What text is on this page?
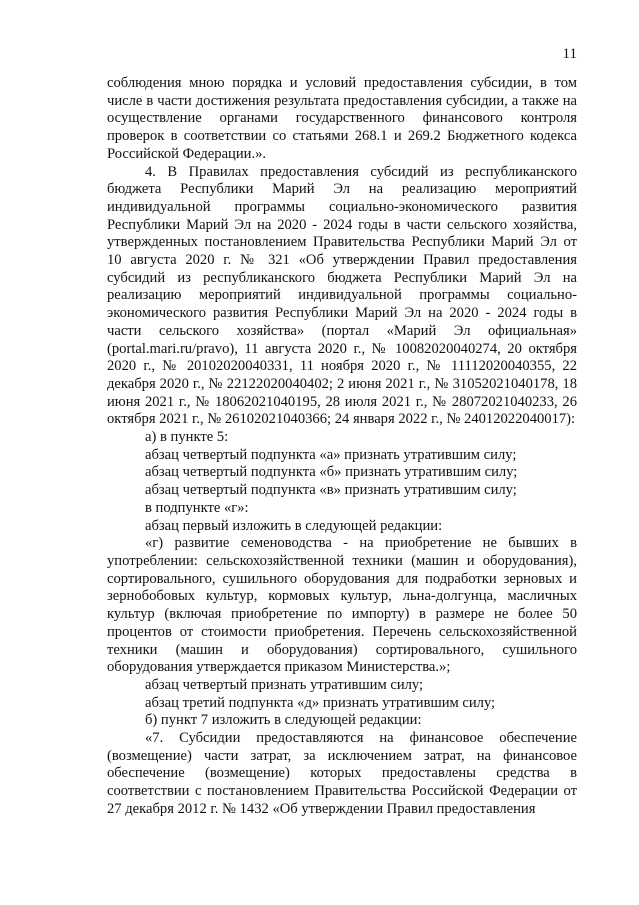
11

соблюдения мною порядка и условий предоставления субсидии, в том числе в части достижения результата предоставления субсидии, а также на осуществление органами государственного финансового контроля проверок в соответствии со статьями 268.1 и 269.2 Бюджетного кодекса Российской Федерации.».

4. В Правилах предоставления субсидий из республиканского бюджета Республики Марий Эл на реализацию мероприятий индивидуальной программы социально-экономического развития Республики Марий Эл на 2020 - 2024 годы в части сельского хозяйства, утвержденных постановлением Правительства Республики Марий Эл от 10 августа 2020 г. № 321 «Об утверждении Правил предоставления субсидий из республиканского бюджета Республики Марий Эл на реализацию мероприятий индивидуальной программы социально-экономического развития Республики Марий Эл на 2020 - 2024 годы в части сельского хозяйства» (портал «Марий Эл официальная» (portal.mari.ru/pravo), 11 августа 2020 г., № 10082020040274, 20 октября 2020 г., № 20102020040331, 11 ноября 2020 г., № 11112020040355, 22 декабря 2020 г., № 22122020040402; 2 июня 2021 г., № 31052021040178, 18 июня 2021 г., № 18062021040195, 28 июля 2021 г., № 28072021040233, 26 октября 2021 г., № 26102021040366; 24 января 2022 г., № 24012022040017):

а) в пункте 5:

абзац четвертый подпункта «а» признать утратившим силу;

абзац четвертый подпункта «б» признать утратившим силу;

абзац четвертый подпункта «в» признать утратившим силу;

в подпункте «г»:

абзац первый изложить в следующей редакции:

«г) развитие семеноводства - на приобретение не бывших в употреблении: сельскохозяйственной техники (машин и оборудования), сортировального, сушильного оборудования для подработки зерновых и зернобобовых культур, кормовых культур, льна-долгунца, масличных культур (включая приобретение по импорту) в размере не более 50 процентов от стоимости приобретения. Перечень сельскохозяйственной техники (машин и оборудования) сортировального, сушильного оборудования утверждается приказом Министерства.»;

абзац четвертый признать утратившим силу;

абзац третий подпункта «д» признать утратившим силу;

б) пункт 7 изложить в следующей редакции:

«7. Субсидии предоставляются на финансовое обеспечение (возмещение) части затрат, за исключением затрат, на финансовое обеспечение (возмещение) которых предоставлены средства в соответствии с постановлением Правительства Российской Федерации от 27 декабря 2012 г. № 1432 «Об утверждении Правил предоставления
